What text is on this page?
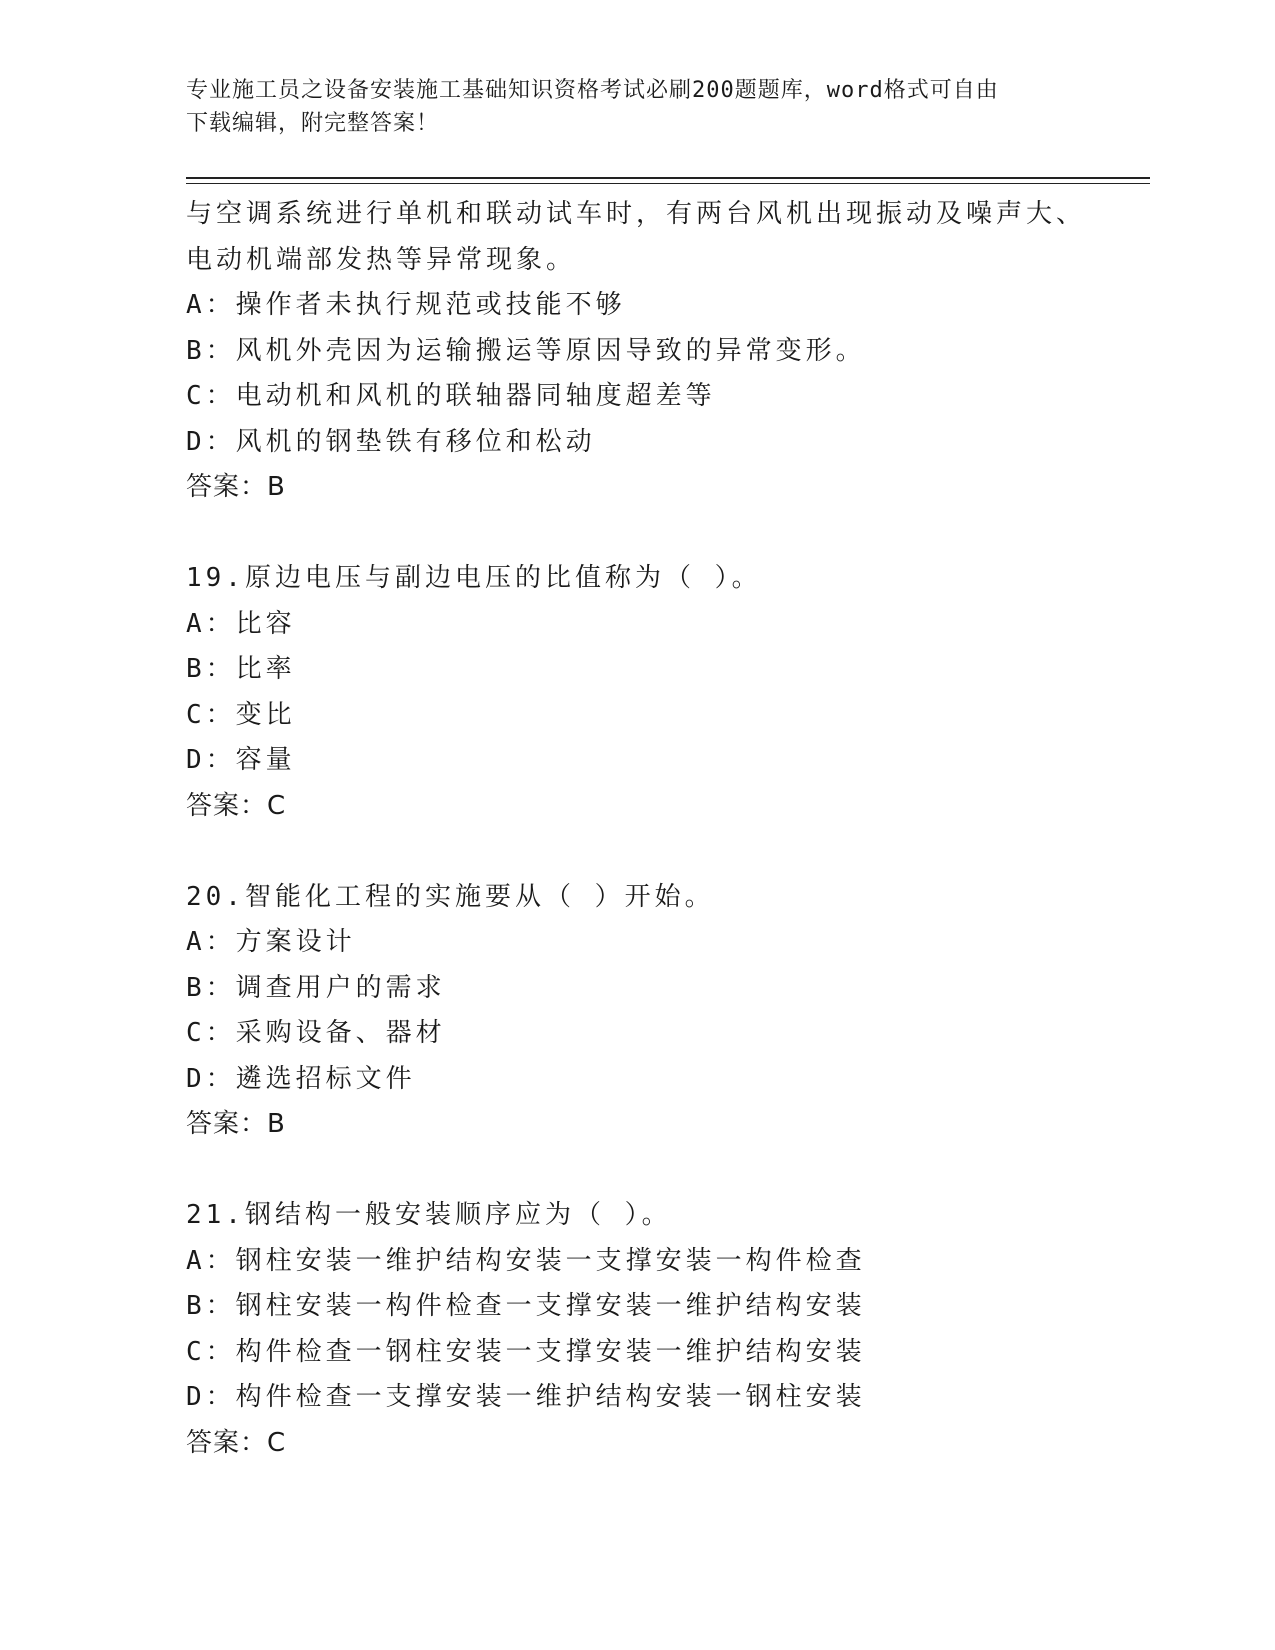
专业施工员之设备安装施工基础知识资格考试必刷200题题库，word格式可自由
下载编辑，附完整答案！
与空调系统进行单机和联动试车时，有两台风机出现振动及噪声大、
电动机端部发热等异常现象。
A：操作者未执行规范或技能不够
B：风机外壳因为运输搬运等原因导致的异常变形。
C：电动机和风机的联轴器同轴度超差等
D：风机的钢垫铁有移位和松动
答案：B
19.原边电压与副边电压的比值称为（ ）。
A：比容
B：比率
C：变比
D：容量
答案：C
20.智能化工程的实施要从（ ）开始。
A：方案设计
B：调查用户的需求
C：采购设备、器材
D：遴选招标文件
答案：B
21.钢结构一般安装顺序应为（ ）。
A：钢柱安装一维护结构安装一支撑安装一构件检查
B：钢柱安装一构件检查一支撑安装一维护结构安装
C：构件检查一钢柱安装一支撑安装一维护结构安装
D：构件检查一支撑安装一维护结构安装一钢柱安装
答案：C
